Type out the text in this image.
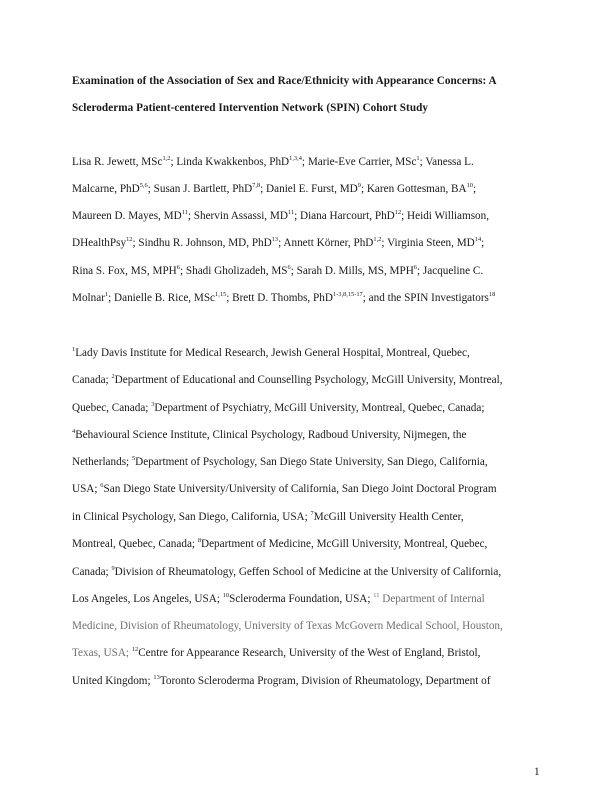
Examination of the Association of Sex and Race/Ethnicity with Appearance Concerns: A
Scleroderma Patient-centered Intervention Network (SPIN) Cohort Study
Lisa R. Jewett, MSc$^{1,2}$; Linda Kwakkenbos, PhD$^{1,3,4}$; Marie-Eve Carrier, MSc$^1$; Vanessa L.
Malcarne, PhD$^{5,6}$; Susan J. Bartlett, PhD$^{7,8}$; Daniel E. Furst, $MD^9$; Karen Gottesman, BA$^{10}$;
Maureen D. Mayes, MD$^{11}$; Shervin Assassi, MD$^{11}$; Diana Harcourt, PhD$^{12}$; Heidi Williamson,
DHealthPsy$^{12}$; Sindhu R. Johnson, MD, PhD$^{13}$; Annett Körner, PhD$^{1,2}$; Virginia Steen, MD$^{14}$;
Rina S. Fox, MS, MPH$^6$; Shadi Gholizadeh, $MS^6$; Sarah D. Mills, MS, MPH$^6$; Jacqueline C.
Molnar$^1$; Danielle B. Rice, MSc$^{1,15}$; Brett D. Thombs, PhD$^{1-3,8,15-17}$; and the SPIN Investigators$^{18}$
$^1$Lady Davis Institute for Medical Research, Jewish General Hospital, Montreal, Quebec,
Canada; $^2$Department of Educational and Counselling Psychology, McGill University, Montreal,
Quebec, Canada; $^3$Department of Psychiatry, McGill University, Montreal, Quebec, Canada;
$^4$Behavioural Science Institute, Clinical Psychology, Radboud University, Nijmegen, the
Netherlands; $^5$Department of Psychology, San Diego State University, San Diego, California,
USA; $^6$San Diego State University/University of California, San Diego Joint Doctoral Program
in Clinical Psychology, San Diego, California, USA; $^7$McGill University Health Center,
Montreal, Quebec, Canada; $^8$Department of Medicine, McGill University, Montreal, Quebec,
Canada; $^9$Division of Rheumatology, Geffen School of Medicine at the University of California,
Los Angeles, Los Angeles, USA; $^{10}$Scleroderma Foundation, USA; $^{11}$ Department of Internal
Medicine, Division of Rheumatology, University of Texas McGovern Medical School, Houston,
Texas, USA; $^{12}$Centre for Appearance Research, University of the West of England, Bristol,
United Kingdom; $^{13}$Toronto Scleroderma Program, Division of Rheumatology, Department of
1
